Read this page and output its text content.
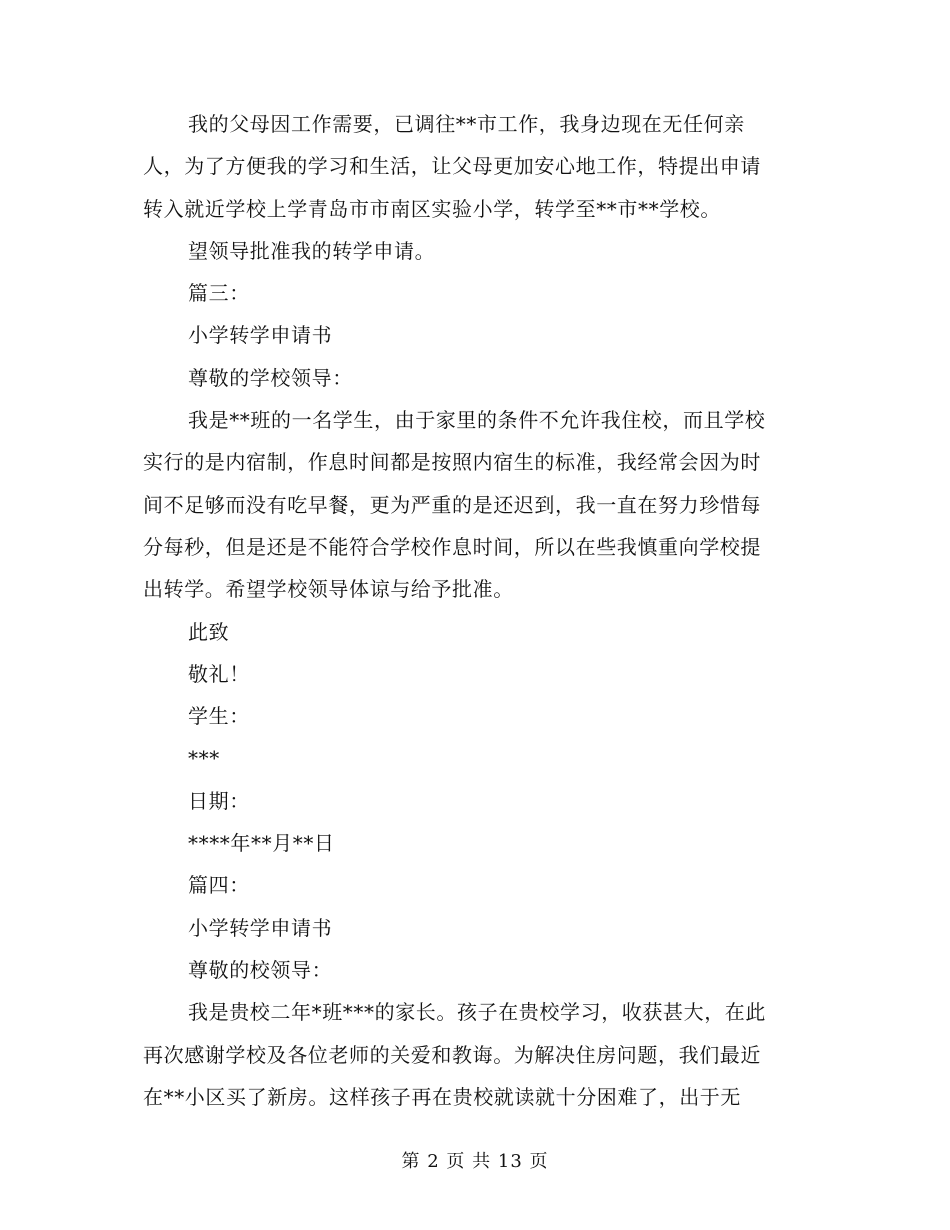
我的父母因工作需要，已调往**市工作，我身边现在无任何亲
人，为了方便我的学习和生活，让父母更加安心地工作，特提出申请
转入就近学校上学青岛市市南区实验小学，转学至**市**学校。
望领导批准我的转学申请。
篇三：
小学转学申请书
尊敬的学校领导：
我是**班的一名学生，由于家里的条件不允许我住校，而且学校
实行的是内宿制，作息时间都是按照内宿生的标准，我经常会因为时
间不足够而没有吃早餐，更为严重的是还迟到，我一直在努力珍惜每
分每秒，但是还是不能符合学校作息时间，所以在些我慎重向学校提
出转学。希望学校领导体谅与给予批准。
此致
敬礼！
学生：
***
日期：
****年**月**日
篇四：
小学转学申请书
尊敬的校领导：
我是贵校二年*班***的家长。孩子在贵校学习，收获甚大，在此
再次感谢学校及各位老师的关爱和教诲。为解决住房问题，我们最近
在**小区买了新房。这样孩子再在贵校就读就十分困难了，出于无
第 2 页 共 13 页
